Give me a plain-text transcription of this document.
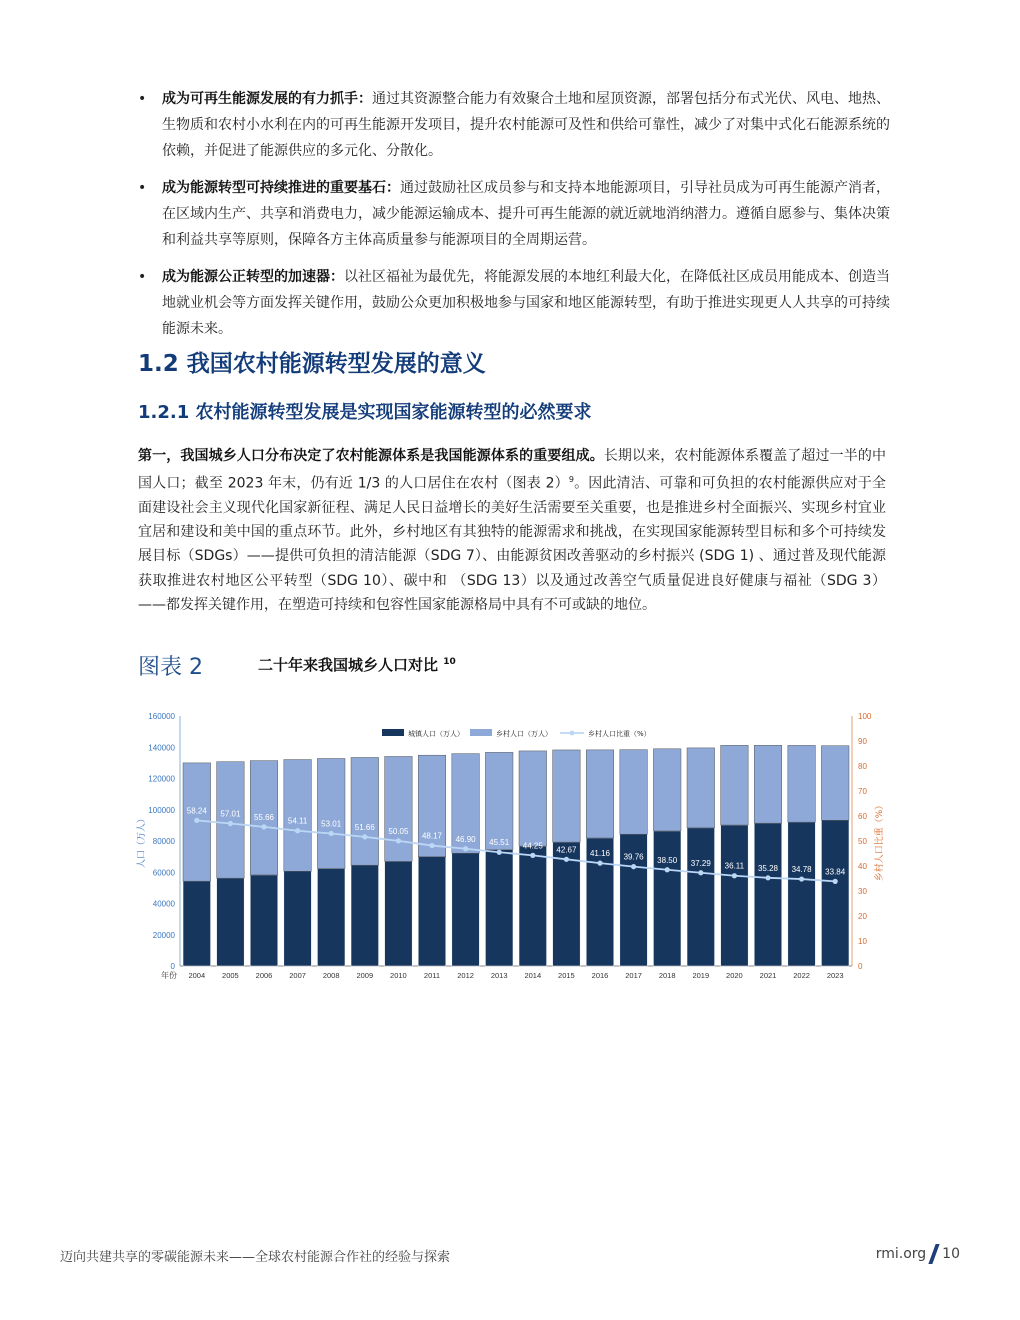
• 成为可再生能源发展的有力抓手：通过其资源整合能力有效聚合土地和屋顶资源，部署包括分布式光伏、风电、地热、生物质和农村小水利在内的可再生能源开发项目，提升农村能源可及性和供给可靠性，减少了对集中式化石能源系统的依赖，并促进了能源供应的多元化、分散化。
• 成为能源转型可持续推进的重要基石：通过鼓励社区成员参与和支持本地能源项目，引导社员成为可再生能源产消者，在区域内生产、共享和消费电力，减少能源运输成本、提升可再生能源的就近就地消纳潜力。遵循自愿参与、集体决策和利益共享等原则，保障各方主体高质量参与能源项目的全周期运营。
• 成为能源公正转型的加速器：以社区福祉为最优先，将能源发展的本地红利最大化，在降低社区成员用能成本、创造当地就业机会等方面发挥关键作用，鼓励公众更加积极地参与国家和地区能源转型，有助于推进实现更人人共享的可持续能源未来。
1.2 我国农村能源转型发展的意义
1.2.1 农村能源转型发展是实现国家能源转型的必然要求
第一，我国城乡人口分布决定了农村能源体系是我国能源体系的重要组成。长期以来，农村能源体系覆盖了超过一半的中国人口；截至 2023 年末，仍有近 1/3 的人口居住在农村（图表 2）$^9$。因此清洁、可靠和可负担的农村能源供应对于全面建设社会主义现代化国家新征程、满足人民日益增长的美好生活需要至关重要，也是推进乡村全面振兴、实现乡村宜业宜居和建设和美中国的重点环节。此外，乡村地区有其独特的能源需求和挑战，在实现国家能源转型目标和多个可持续发展目标（SDGs）——提供可负担的清洁能源（SDG 7）、由能源贫困改善驱动的乡村振兴 (SDG 1) 、通过普及现代能源获取推进农村地区公平转型（SDG 10）、碳中和 （SDG 13）以及通过改善空气质量促进良好健康与福祉（SDG 3）——都发挥关键作用，在塑造可持续和包容性国家能源格局中具有不可或缺的地位。
图表 2	二十年来我国城乡人口对比 $^{10}$
0
20000
40000
60000
80000
100000
120000
140000
160000
0
10
20
30
40
50
60
70
80
90
100
人口（万人）	乡村人口比重（%）
年份 2004 2005 2006 2007 2008 2009 2010 2011 2012 2013 2014 2015 2016 2017 2018 2019 2020 2021 2022 2023
58.24 57.01 55.66 54.11 53.01 51.66 50.05
48.17 46.90 45.51 44.25 42.67 41.16 39.76 38.50 37.29 36.11 35.28 34.78 33.84
城镇人口（万人）	乡村人口（万人）	乡村人口比重（%）
迈向共建共享的零碳能源未来——全球农村能源合作社的经验与探索	rmi.org 10
